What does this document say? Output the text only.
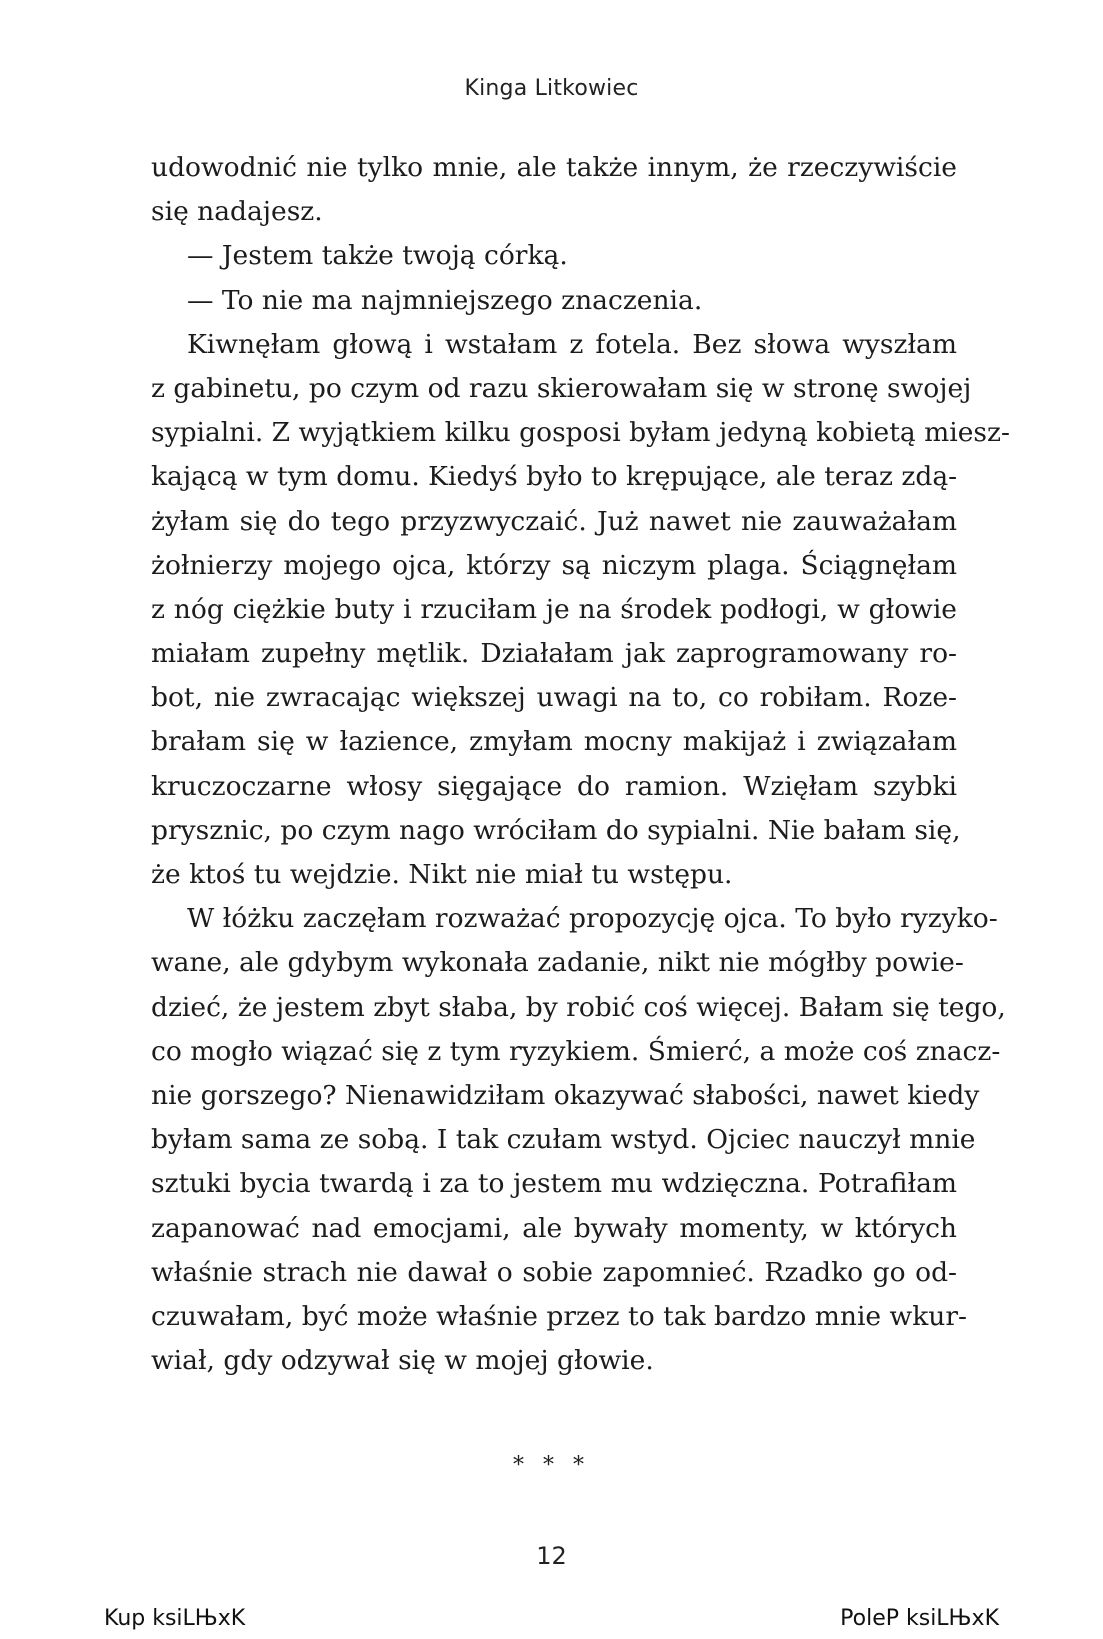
Kinga Litkowiec
udowodnić nie tylko mnie, ale także innym, że rzeczywiście
się nadajesz.
— Jestem także twoją córką.
— To nie ma najmniejszego znaczenia.
Kiwnęłam głową i wstałam z fotela. Bez słowa wyszłam
z gabinetu, po czym od razu skierowałam się w stronę swojej
sypialni. Z wyjątkiem kilku gosposi byłam jedyną kobietą miesz-
kającą w tym domu. Kiedyś było to krępujące, ale teraz zdą-
żyłam się do tego przyzwyczaić. Już nawet nie zauważałam
żołnierzy mojego ojca, którzy są niczym plaga. Ściągnęłam
z nóg ciężkie buty i rzuciłam je na środek podłogi, w głowie
miałam zupełny mętlik. Działałam jak zaprogramowany ro-
bot, nie zwracając większej uwagi na to, co robiłam. Roze-
brałam się w łazience, zmyłam mocny makijaż i związałam
kruczoczarne włosy sięgające do ramion. Wzięłam szybki
prysznic, po czym nago wróciłam do sypialni. Nie bałam się,
że ktoś tu wejdzie. Nikt nie miał tu wstępu.
W łóżku zaczęłam rozważać propozycję ojca. To było ryzyko-
wane, ale gdybym wykonała zadanie, nikt nie mógłby powie-
dzieć, że jestem zbyt słaba, by robić coś więcej. Bałam się tego,
co mogło wiązać się z tym ryzykiem. Śmierć, a może coś znacz-
nie gorszego? Nienawidziłam okazywać słabości, nawet kiedy
byłam sama ze sobą. I tak czułam wstyd. Ojciec nauczył mnie
sztuki bycia twardą i za to jestem mu wdzięczna. Potrafiłam
zapanować nad emocjami, ale bywały momenty, w których
właśnie strach nie dawał o sobie zapomnieć. Rzadko go od-
czuwałam, być może właśnie przez to tak bardzo mnie wkur-
wiał, gdy odzywał się w mojej głowie.
* * *
12
Kup ksiLЊxK	PoleP ksiLЊxK
